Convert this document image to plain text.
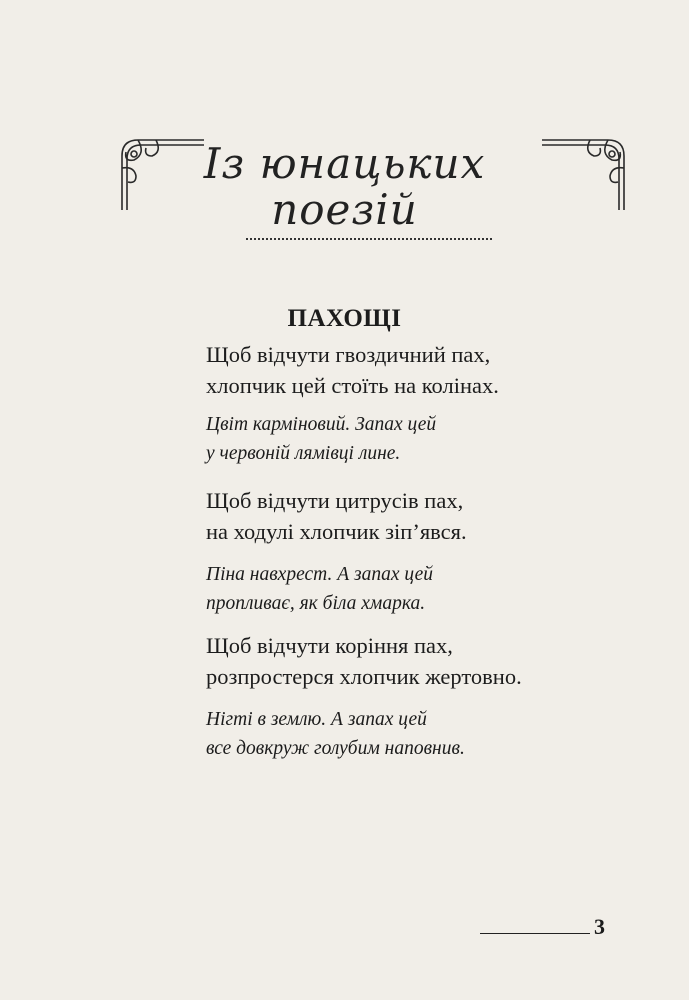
Із юнацьких
поезій
ПАХОЩІ
Щоб відчути гвоздичний пах,
хлопчик цей стоїть на колінах.
Цвіт карміновий. Запах цей
у червоній лямівці лине.
Щоб відчути цитрусів пах,
на ходулі хлопчик зіп’явся.
Піна навхрест. А запах цей
пропливає, як біла хмарка.
Щоб відчути коріння пах,
розпростерся хлопчик жертовно.
Нігті в землю. А запах цей
все довкруж голубим наповнив.
3
